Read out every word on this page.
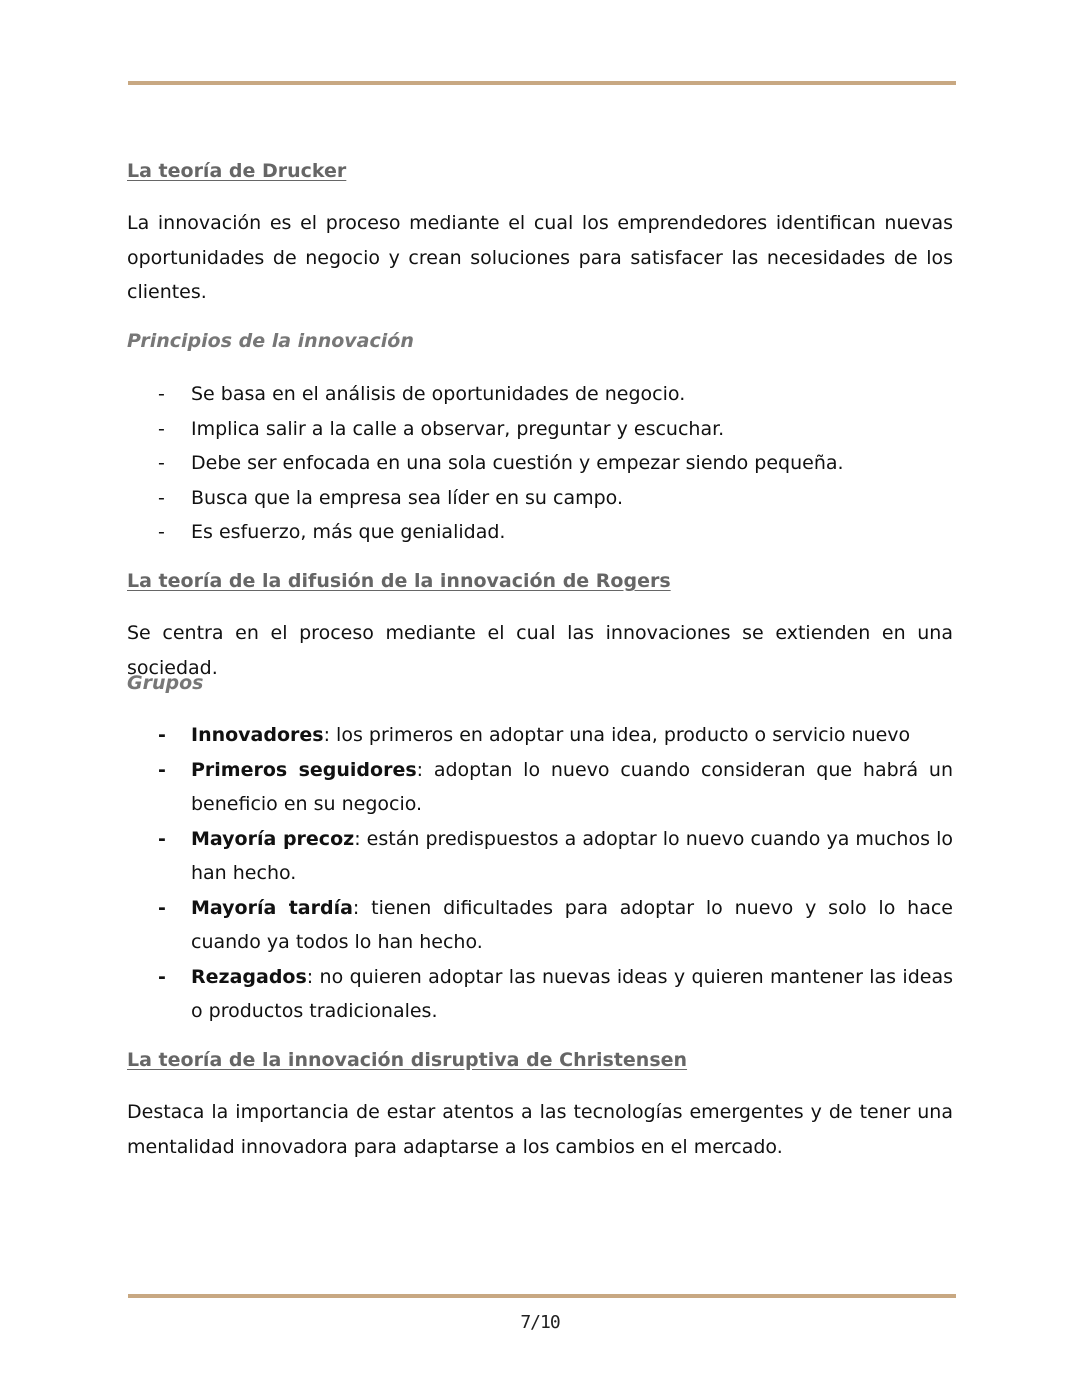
La teoría de Drucker
La innovación es el proceso mediante el cual los emprendedores identifican nuevas oportunidades de negocio y crean soluciones para satisfacer las necesidades de los clientes.
Principios de la innovación
- Se basa en el análisis de oportunidades de negocio.
- Implica salir a la calle a observar, preguntar y escuchar.
- Debe ser enfocada en una sola cuestión y empezar siendo pequeña.
- Busca que la empresa sea líder en su campo.
- Es esfuerzo, más que genialidad.
La teoría de la difusión de la innovación de Rogers
Se centra en el proceso mediante el cual las innovaciones se extienden en una sociedad.
Grupos
- Innovadores: los primeros en adoptar una idea, producto o servicio nuevo
- Primeros seguidores: adoptan lo nuevo cuando consideran que habrá un beneficio en su negocio.
- Mayoría precoz: están predispuestos a adoptar lo nuevo cuando ya muchos lo han hecho.
- Mayoría tardía: tienen dificultades para adoptar lo nuevo y solo lo hace cuando ya todos lo han hecho.
- Rezagados: no quieren adoptar las nuevas ideas y quieren mantener las ideas o productos tradicionales.
La teoría de la innovación disruptiva de Christensen
Destaca la importancia de estar atentos a las tecnologías emergentes y de tener una mentalidad innovadora para adaptarse a los cambios en el mercado.
7/10
